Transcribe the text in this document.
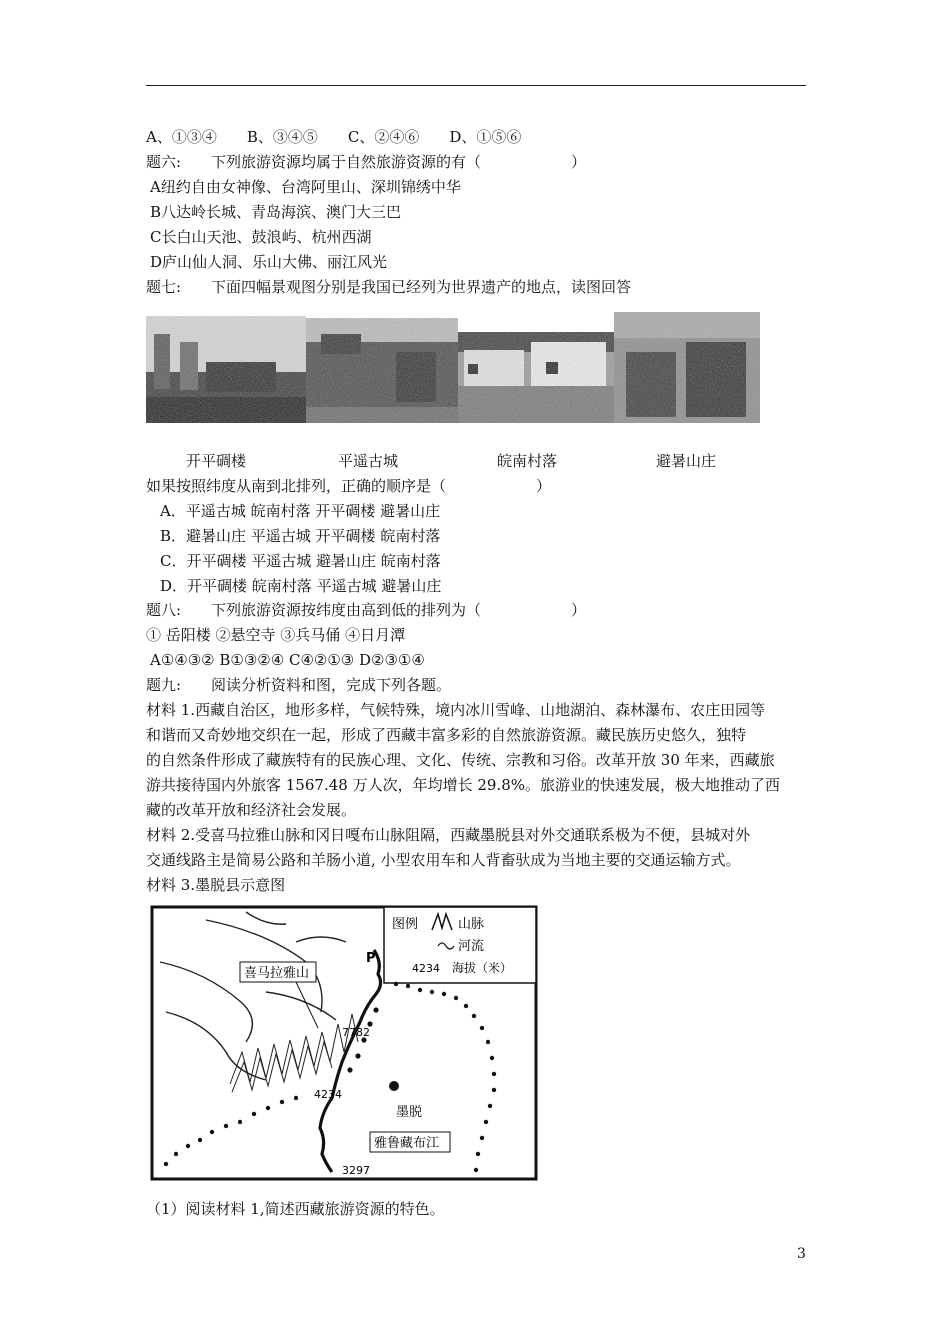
A、①③④　　B、③④⑤　　C、②④⑥　　D、①⑤⑥
题六:　　下列旅游资源均属于自然旅游资源的有（　　　　　　）
A纽约自由女神像、台湾阿里山、深圳锦绣中华
B八达岭长城、青岛海滨、澳门大三巴
C长白山天池、鼓浪屿、杭州西湖
D庐山仙人洞、乐山大佛、丽江风光
题七:　　下面四幅景观图分别是我国已经列为世界遗产的地点，读图回答
开平碉楼	平遥古城	皖南村落	避暑山庄
如果按照纬度从南到北排列，正确的顺序是（　　　　　　）
A．平遥古城 皖南村落 开平碉楼 避暑山庄
B．避暑山庄 平遥古城 开平碉楼 皖南村落
C．开平碉楼 平遥古城 避暑山庄 皖南村落
D．开平碉楼 皖南村落 平遥古城 避暑山庄
题八:　　下列旅游资源按纬度由高到低的排列为（　　　　　　）
① 岳阳楼 ②悬空寺 ③兵马俑 ④日月潭
A①④③② B①③②④ C④②①③ D②③①④
题九:　　阅读分析资料和图，完成下列各题。
材料 1.西藏自治区，地形多样，气候特殊，境内冰川雪峰、山地湖泊、森林瀑布、农庄田园等
和谐而又奇妙地交织在一起，形成了西藏丰富多彩的自然旅游资源。藏民族历史悠久，独特
的自然条件形成了藏族特有的民族心理、文化、传统、宗教和习俗。改革开放 30 年来，西藏旅
游共接待国内外旅客 1567.48 万人次，年均增长 29.8%。旅游业的快速发展，极大地推动了西
藏的改革开放和经济社会发展。
材料 2.受喜马拉雅山脉和冈日嘎布山脉阻隔，西藏墨脱县对外交通联系极为不便，县城对外
交通线路主是简易公路和羊肠小道, 小型农用车和人背畜驮成为当地主要的交通运输方式。
材料 3.墨脱县示意图
图例	山脉
河流
4234 海拔（米）
墨脱
P
喜马拉雅山
雅鲁藏布江
7782
4234
3297
（1）阅读材料 1,简述西藏旅游资源的特色。
3
